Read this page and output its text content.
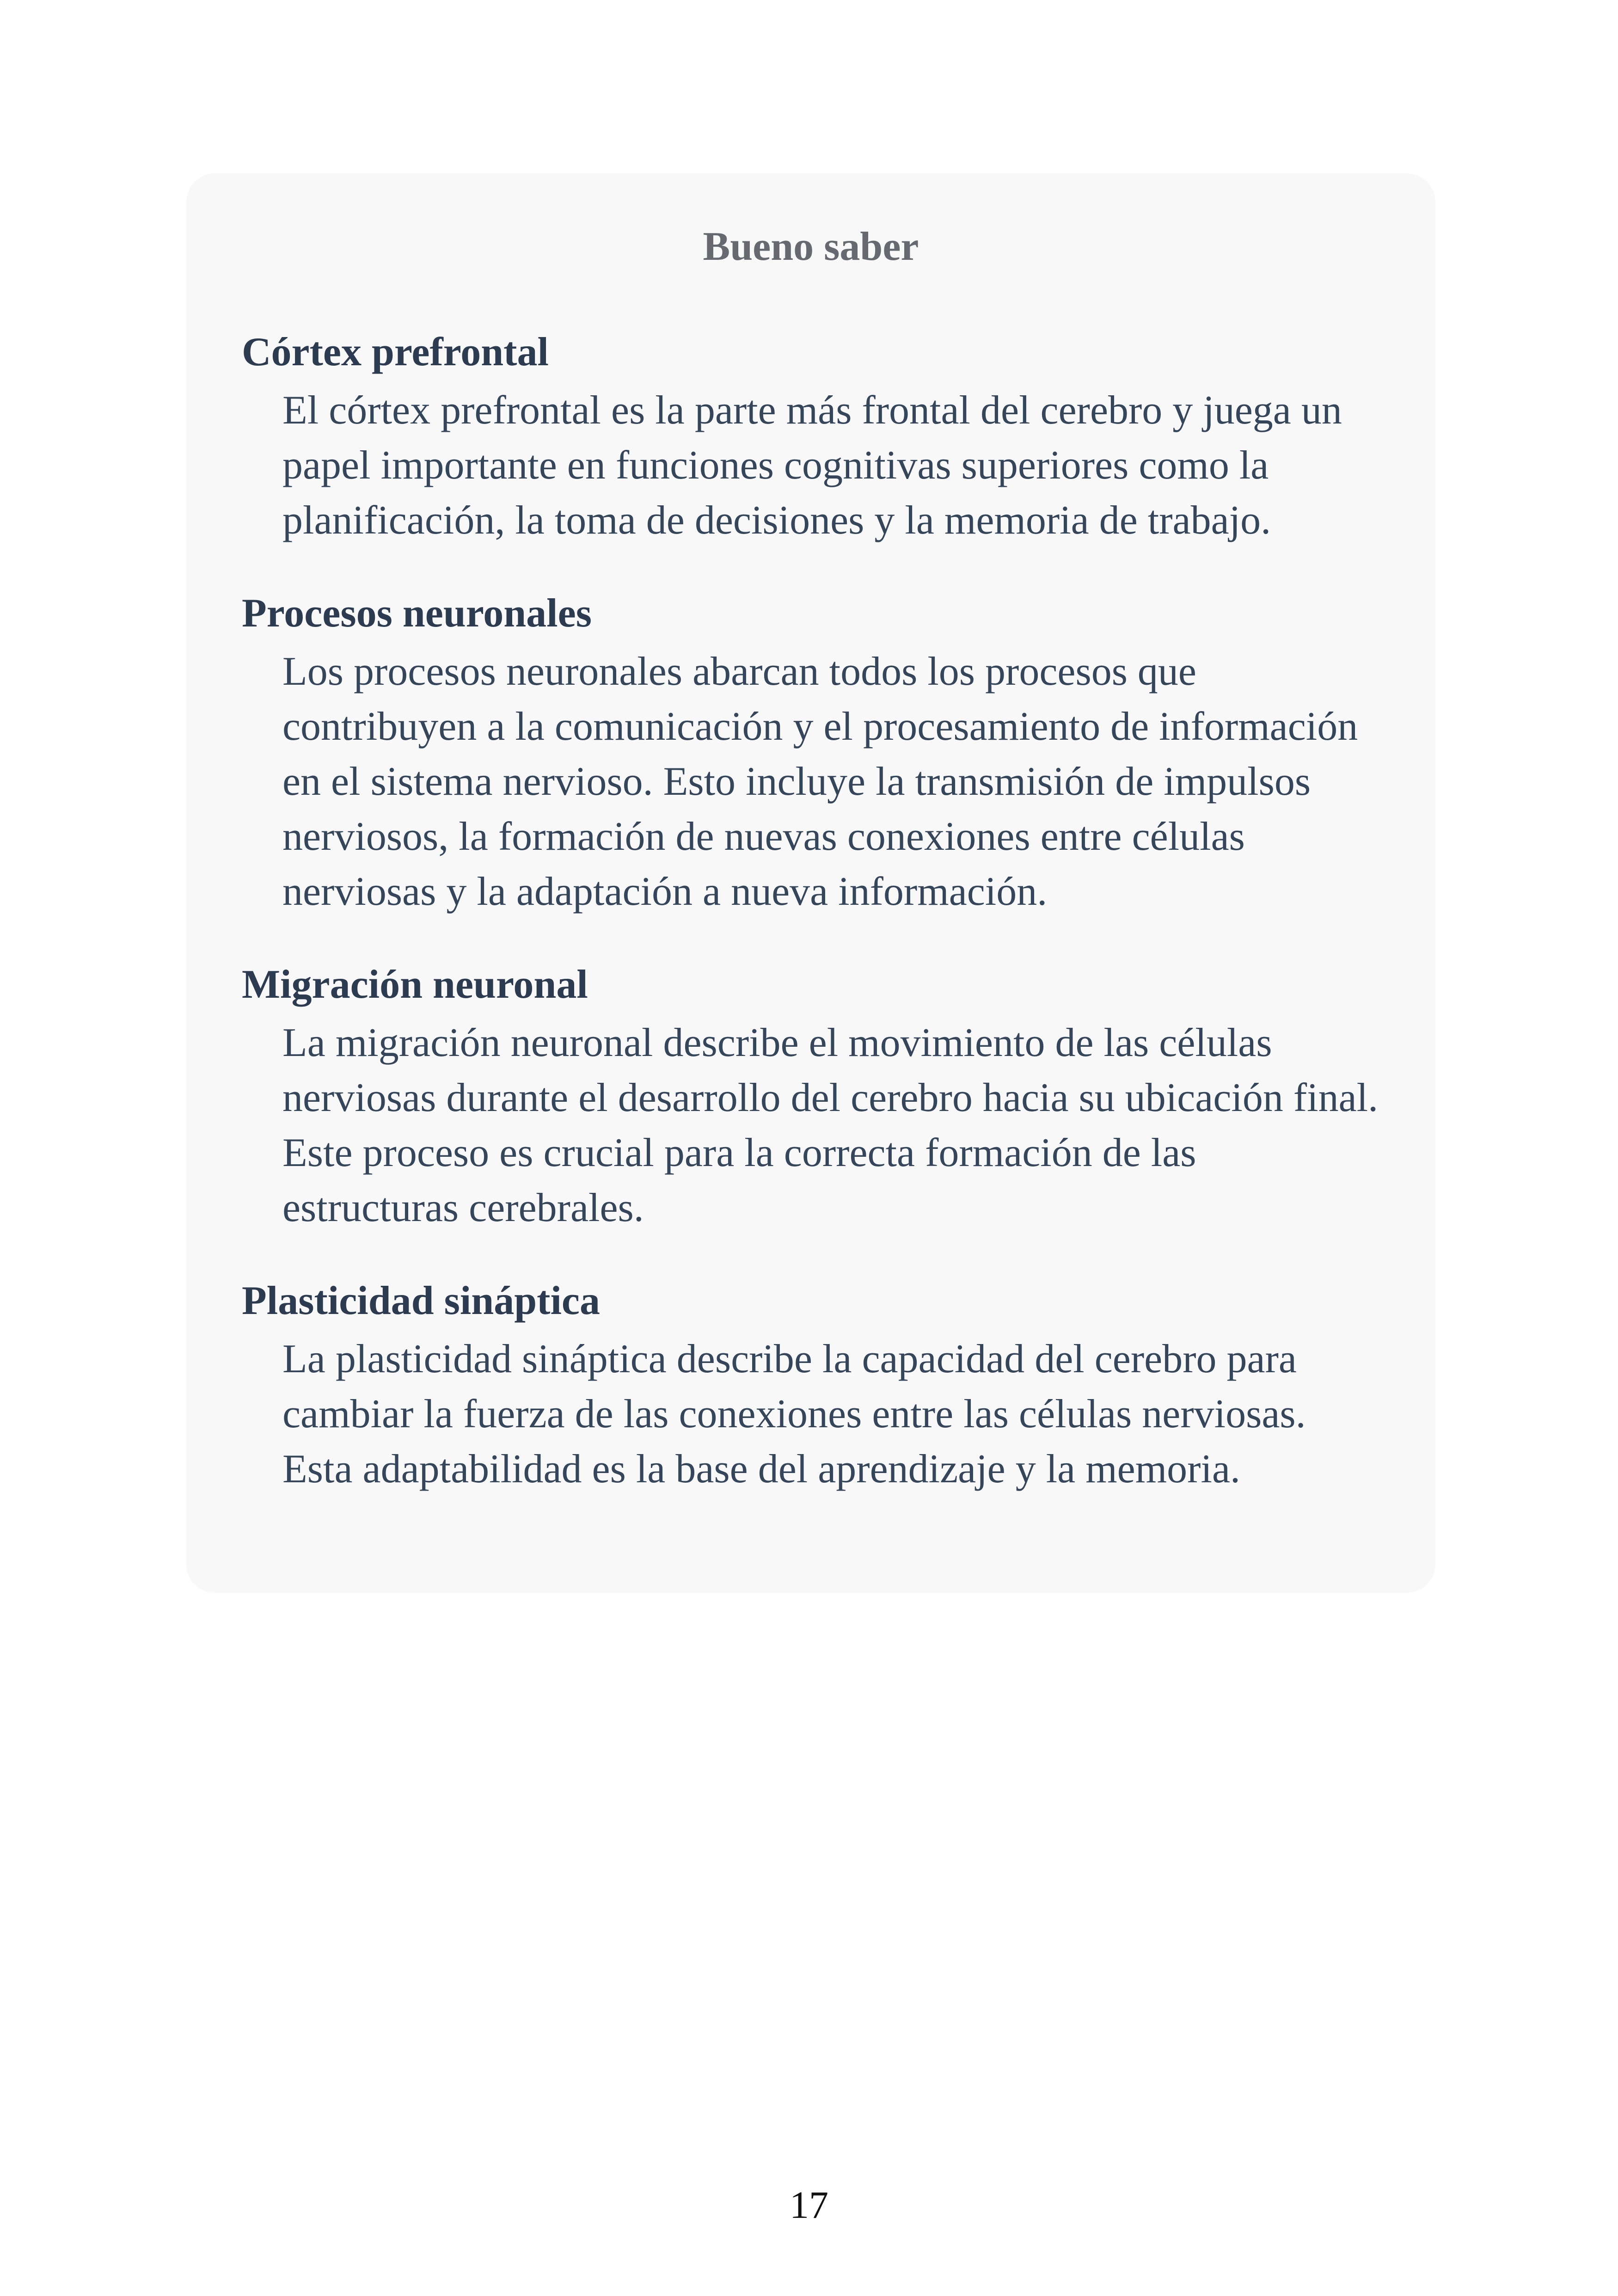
Bueno saber
Córtex prefrontal

El córtex prefrontal es la parte más frontal del cerebro y juega un papel importante en funciones cognitivas superiores como la planificación, la toma de decisiones y la memoria de trabajo.

Procesos neuronales

Los procesos neuronales abarcan todos los procesos que contribuyen a la comunicación y el procesamiento de información en el sistema nervioso. Esto incluye la transmisión de impulsos nerviosos, la formación de nuevas conexiones entre células nerviosas y la adaptación a nueva información.

Migración neuronal

La migración neuronal describe el movimiento de las células nerviosas durante el desarrollo del cerebro hacia su ubicación final. Este proceso es crucial para la correcta formación de las estructuras cerebrales.

Plasticidad sináptica

La plasticidad sináptica describe la capacidad del cerebro para cambiar la fuerza de las conexiones entre las células nerviosas. Esta adaptabilidad es la base del aprendizaje y la memoria.

17
